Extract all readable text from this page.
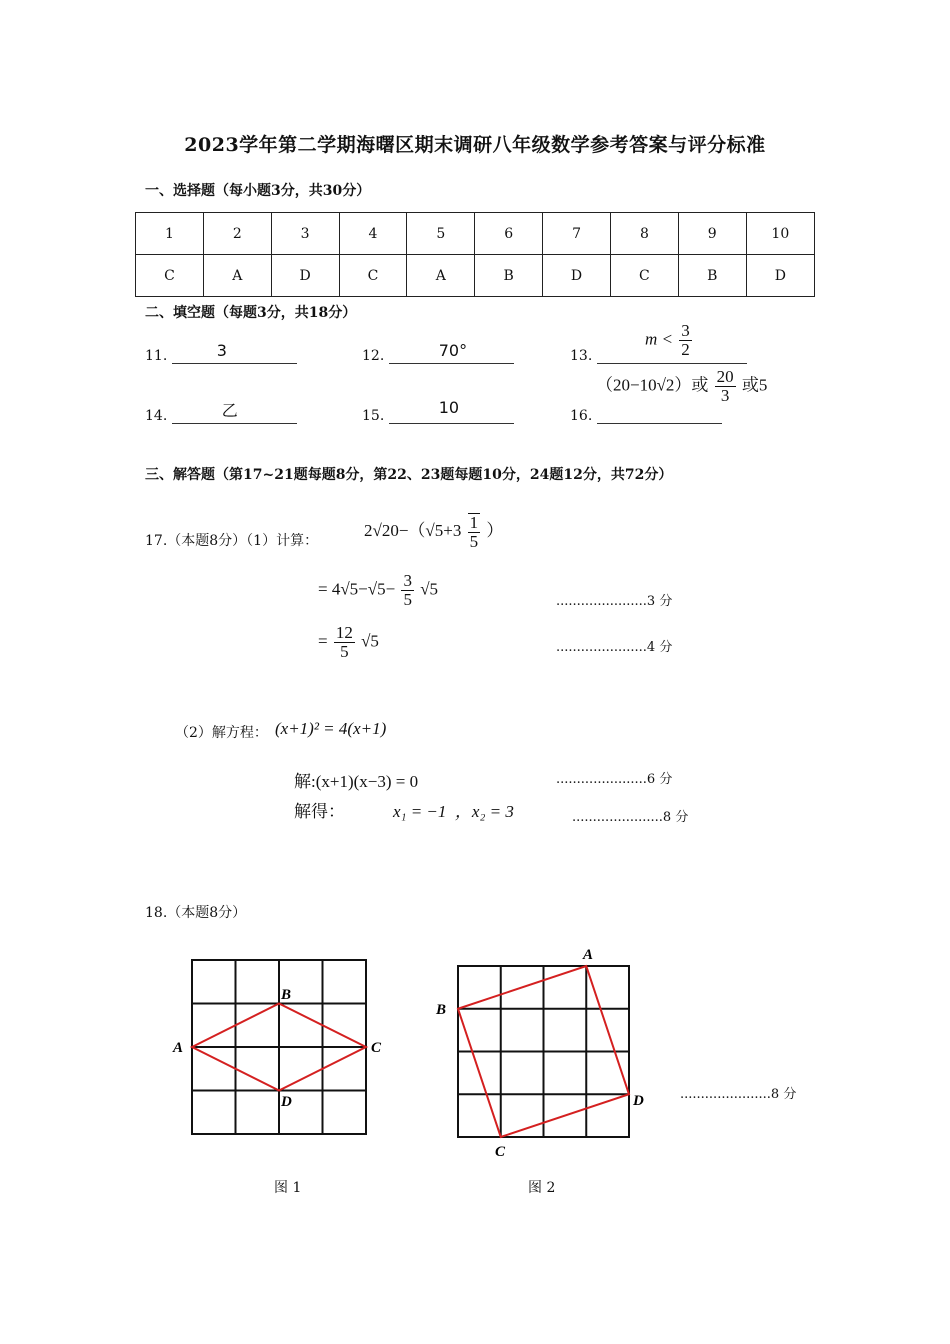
2023学年第二学期海曙区期末调研八年级数学参考答案与评分标准
一、选择题（每小题3分，共30分）
1	2	3	4	5	6	7	8	9	10
C	A	D	C	A	B	D	C	B	D
二、填空题（每题3分，共18分）
11.	3	12.	70°	13.
$m < \frac{3}{2}$
14.	乙	15.	10	16.
（20−10√2）或 $\frac{20}{3}$ 或5
三、解答题（第17~21题每题8分，第22、23题每题10分，24题12分，共72分）
17.（本题8分）（1）计算：
$2√20-(√5+3 \frac{1}{5}$ ）
= $4√5-√5- \frac{3}{5} √5$
......................3 分
= $\frac{12}{5} √5$	......................4 分
（2）解方程： (x+1)² = 4(x+1)
解:(x+1)(x−3) = 0	......................6 分
解得：	x₁ = −1  ，x₂ = 3	......................8 分
18.（本题8分）
A
B
C
D
图 1
A
B
C
D
图 2
......................8 分
